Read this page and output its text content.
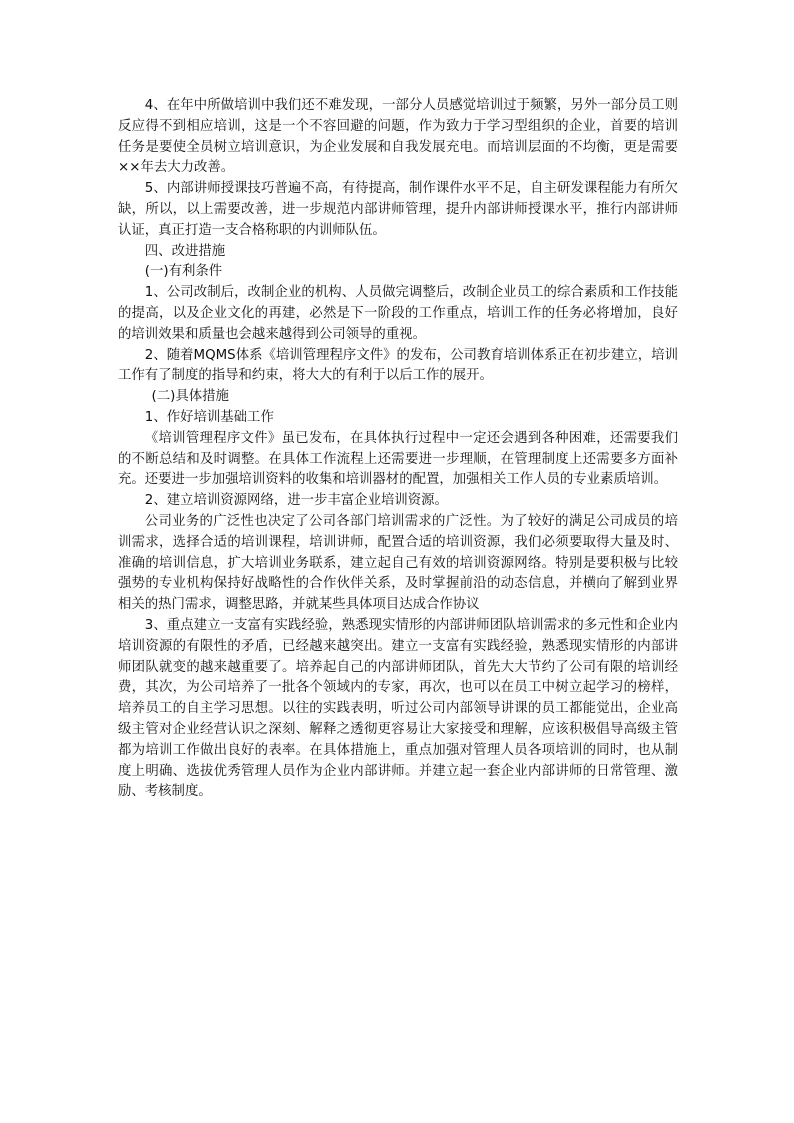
4、在年中所做培训中我们还不难发现，一部分人员感觉培训过于频繁，另外一部分员工则反应得不到相应培训，这是一个不容回避的问题，作为致力于学习型组织的企业，首要的培训任务是要使全员树立培训意识，为企业发展和自我发展充电。而培训层面的不均衡，更是需要××年去大力改善。

5、内部讲师授课技巧普遍不高，有待提高，制作课件水平不足，自主研发课程能力有所欠缺，所以，以上需要改善，进一步规范内部讲师管理，提升内部讲师授课水平，推行内部讲师认证，真正打造一支合格称职的内训师队伍。

四、改进措施

(一)有利条件

1、公司改制后，改制企业的机构、人员做完调整后，改制企业员工的综合素质和工作技能的提高，以及企业文化的再建，必然是下一阶段的工作重点，培训工作的任务必将增加，良好的培训效果和质量也会越来越得到公司领导的重视。

2、随着MQMS体系《培训管理程序文件》的发布，公司教育培训体系正在初步建立，培训工作有了制度的指导和约束，将大大的有利于以后工作的展开。

(二)具体措施

1、作好培训基础工作

《培训管理程序文件》虽已发布，在具体执行过程中一定还会遇到各种困难，还需要我们的不断总结和及时调整。在具体工作流程上还需要进一步理顺，在管理制度上还需要多方面补充。还要进一步加强培训资料的收集和培训器材的配置，加强相关工作人员的专业素质培训。

2、建立培训资源网络，进一步丰富企业培训资源。

公司业务的广泛性也决定了公司各部门培训需求的广泛性。为了较好的满足公司成员的培训需求，选择合适的培训课程，培训讲师，配置合适的培训资源，我们必须要取得大量及时、准确的培训信息，扩大培训业务联系，建立起自己有效的培训资源网络。特别是要积极与比较强势的专业机构保持好战略性的合作伙伴关系，及时掌握前沿的动态信息，并横向了解到业界相关的热门需求，调整思路，并就某些具体项目达成合作协议

3、重点建立一支富有实践经验，熟悉现实情形的内部讲师团队培训需求的多元性和企业内培训资源的有限性的矛盾，已经越来越突出。建立一支富有实践经验，熟悉现实情形的内部讲师团队就变的越来越重要了。培养起自己的内部讲师团队，首先大大节约了公司有限的培训经费，其次，为公司培养了一批各个领域内的专家，再次，也可以在员工中树立起学习的榜样，培养员工的自主学习思想。以往的实践表明，听过公司内部领导讲课的员工都能觉出，企业高级主管对企业经营认识之深刻、解释之透彻更容易让大家接受和理解，应该积极倡导高级主管都为培训工作做出良好的表率。在具体措施上，重点加强对管理人员各项培训的同时，也从制度上明确、选拔优秀管理人员作为企业内部讲师。并建立起一套企业内部讲师的日常管理、激励、考核制度。
